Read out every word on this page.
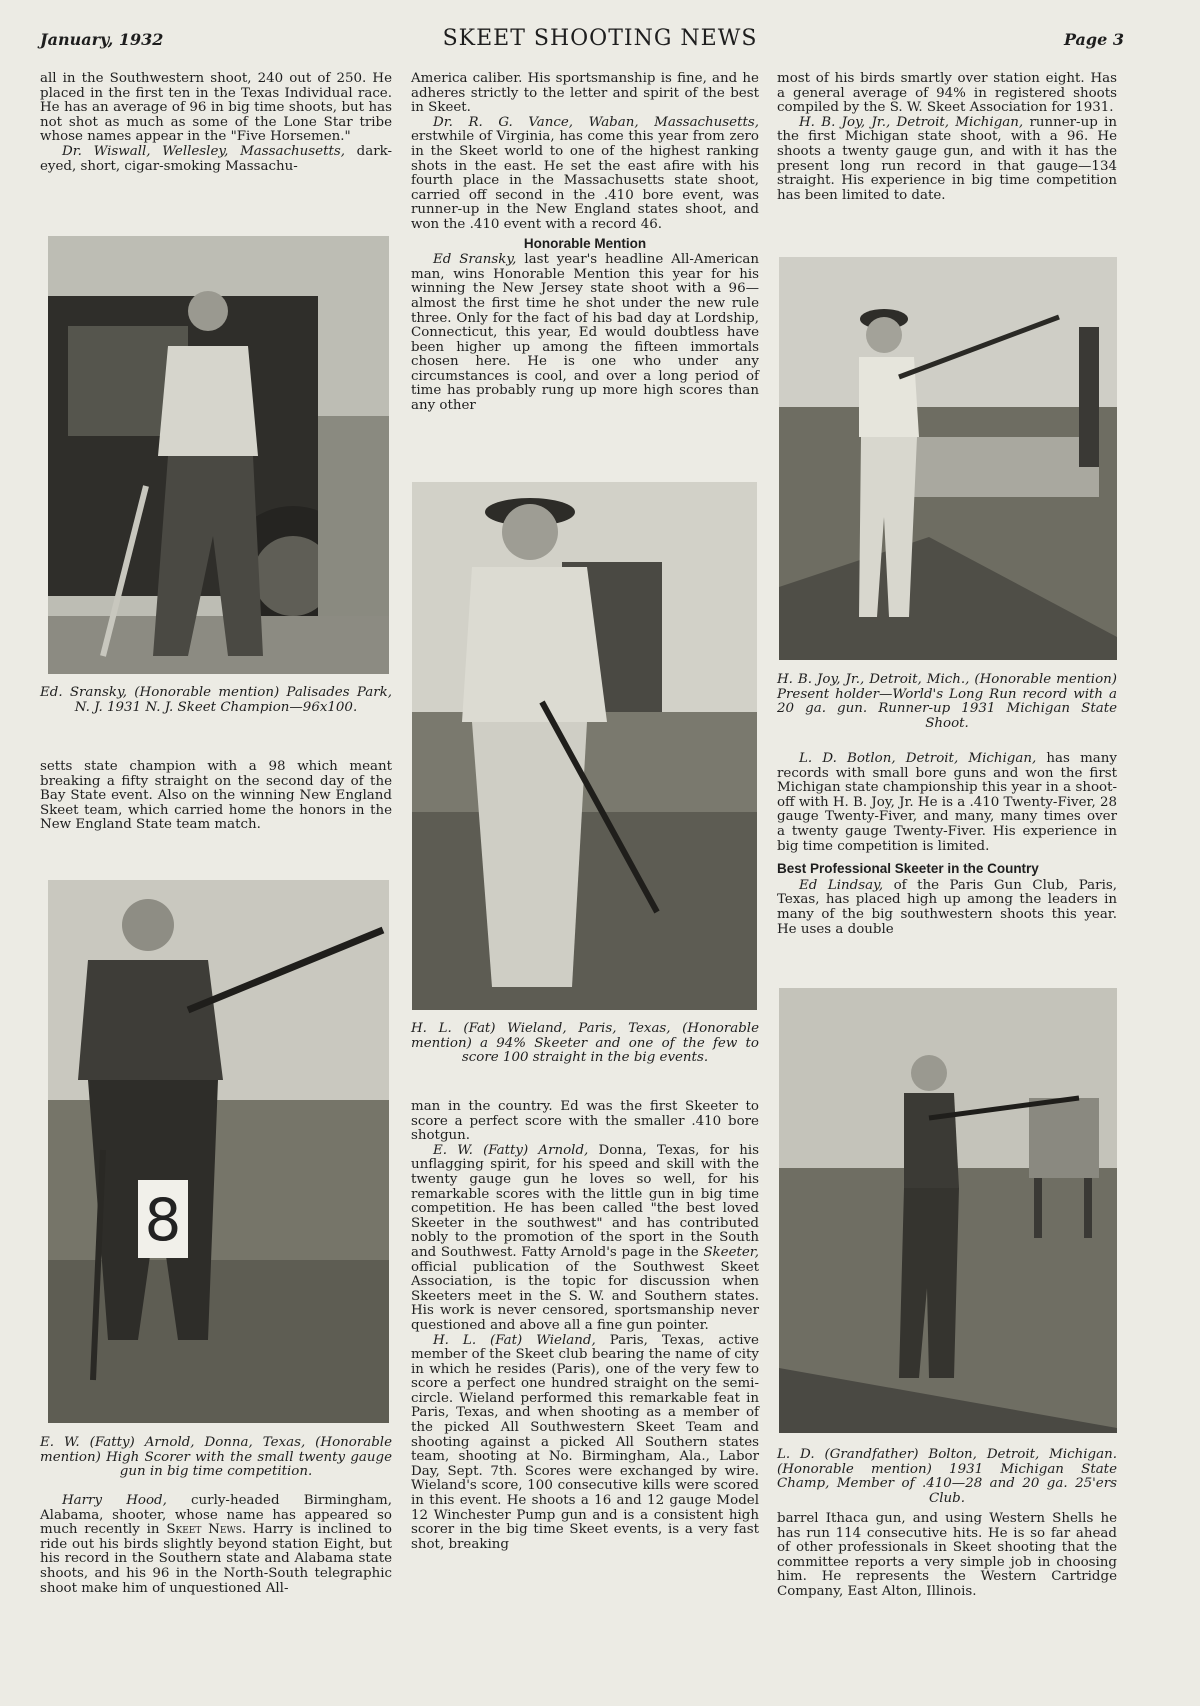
January, 1932	SKEET SHOOTING NEWS	Page 3

all in the Southwestern shoot, 240 out of 250. He placed in the first ten in the Texas Individual race. He has an average of 96 in big time shoots, but has not shot as much as some of the Lone Star tribe whose names appear in the "Five Horsemen."

Dr. Wiswall, Wellesley, Massachusetts, dark-eyed, short, cigar-smoking Massachu-

Ed. Sransky, (Honorable mention) Palisades Park, N. J. 1931 N. J. Skeet Champion—96x100.

setts state champion with a 98 which meant breaking a fifty straight on the second day of the Bay State event. Also on the winning New England Skeet team, which carried home the honors in the New England State team match.

8
E. W. (Fatty) Arnold, Donna, Texas, (Honorable mention) High Scorer with the small twenty gauge gun in big time competition.

Harry Hood, curly-headed Birmingham, Alabama, shooter, whose name has appeared so much recently in Skeet News. Harry is inclined to ride out his birds slightly beyond station Eight, but his record in the Southern state and Alabama state shoots, and his 96 in the North-South telegraphic shoot make him of unquestioned All-

America caliber. His sportsmanship is fine, and he adheres strictly to the letter and spirit of the best in Skeet.

Dr. R. G. Vance, Waban, Massachusetts, erstwhile of Virginia, has come this year from zero in the Skeet world to one of the highest ranking shots in the east. He set the east afire with his fourth place in the Massachusetts state shoot, carried off second in the .410 bore event, was runner-up in the New England states shoot, and won the .410 event with a record 46.

Honorable Mention

Ed Sransky, last year's headline All-American man, wins Honorable Mention this year for his winning the New Jersey state shoot with a 96—almost the first time he shot under the new rule three. Only for the fact of his bad day at Lordship, Connecticut, this year, Ed would doubtless have been higher up among the fifteen immortals chosen here. He is one who under any circumstances is cool, and over a long period of time has probably rung up more high scores than any other

H. L. (Fat) Wieland, Paris, Texas, (Honorable mention) a 94% Skeeter and one of the few to score 100 straight in the big events.

man in the country. Ed was the first Skeeter to score a perfect score with the smaller .410 bore shotgun.

E. W. (Fatty) Arnold, Donna, Texas, for his unflagging spirit, for his speed and skill with the twenty gauge gun he loves so well, for his remarkable scores with the little gun in big time competition. He has been called "the best loved Skeeter in the southwest" and has contributed nobly to the promotion of the sport in the South and Southwest. Fatty Arnold's page in the Skeeter, official publication of the Southwest Skeet Association, is the topic for discussion when Skeeters meet in the S. W. and Southern states. His work is never censored, sportsmanship never questioned and above all a fine gun pointer.

H. L. (Fat) Wieland, Paris, Texas, active member of the Skeet club bearing the name of city in which he resides (Paris), one of the very few to score a perfect one hundred straight on the semi-circle. Wieland performed this remarkable feat in Paris, Texas, and when shooting as a member of the picked All Southwestern Skeet Team and shooting against a picked All Southern states team, shooting at No. Birmingham, Ala., Labor Day, Sept. 7th. Scores were exchanged by wire. Wieland's score, 100 consecutive kills were scored in this event. He shoots a 16 and 12 gauge Model 12 Winchester Pump gun and is a consistent high scorer in the big time Skeet events, is a very fast shot, breaking

most of his birds smartly over station eight. Has a general average of 94% in registered shoots compiled by the S. W. Skeet Association for 1931.

H. B. Joy, Jr., Detroit, Michigan, runner-up in the first Michigan state shoot, with a 96. He shoots a twenty gauge gun, and with it has the present long run record in that gauge—134 straight. His experience in big time competition has been limited to date.

H. B. Joy, Jr., Detroit, Mich., (Honorable mention) Present holder—World's Long Run record with a 20 ga. gun. Runner-up 1931 Michigan State Shoot.

L. D. Botlon, Detroit, Michigan, has many records with small bore guns and won the first Michigan state championship this year in a shoot-off with H. B. Joy, Jr. He is a .410 Twenty-Fiver, 28 gauge Twenty-Fiver, and many, many times over a twenty gauge Twenty-Fiver. His experience in big time competition is limited.

Best Professional Skeeter in the Country

Ed Lindsay, of the Paris Gun Club, Paris, Texas, has placed high up among the leaders in many of the big southwestern shoots this year. He uses a double

L. D. (Grandfather) Bolton, Detroit, Michigan. (Honorable mention) 1931 Michigan State Champ, Member of .410—28 and 20 ga. 25'ers Club.

barrel Ithaca gun, and using Western Shells he has run 114 consecutive hits. He is so far ahead of other professionals in Skeet shooting that the committee reports a very simple job in choosing him. He represents the Western Cartridge Company, East Alton, Illinois.
